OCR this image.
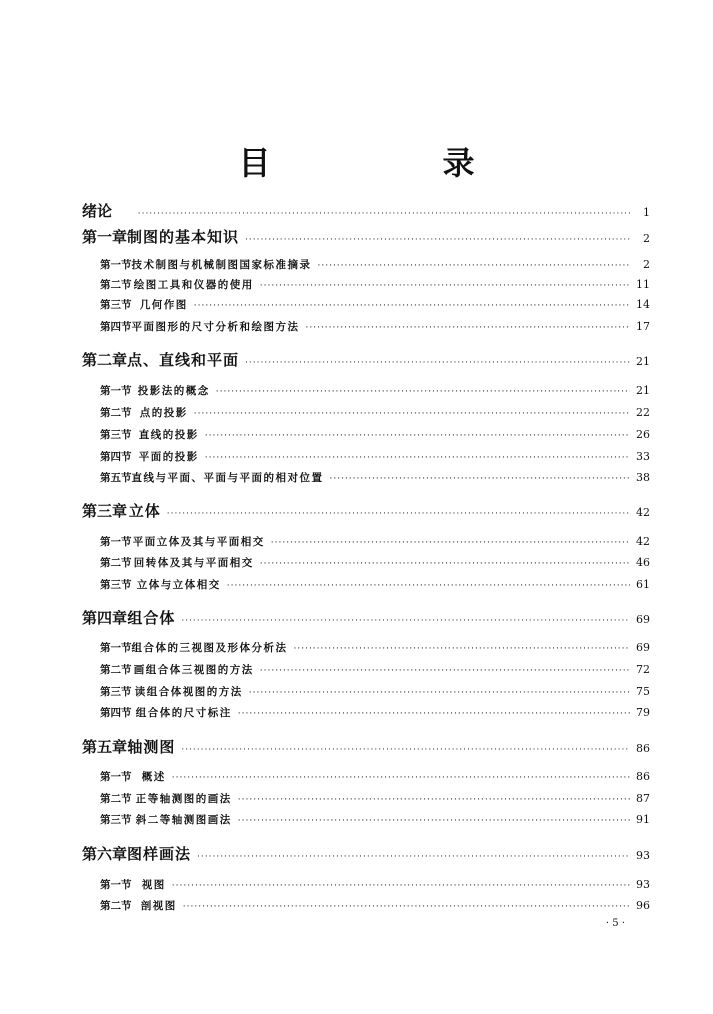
目　录
绪论 ·····	1
第一章 制图的基本知识 ·····	2
第一节 技术制图与机械制图国家标准摘录 ·····	2
第二节 绘图工具和仪器的使用 ·····	11
第三节 几何作图 ·····	14
第四节 平面图形的尺寸分析和绘图方法 ·····	17
第二章 点、直线和平面 ·····	21
第一节 投影法的概念 ·····	21
第二节 点的投影 ·····	22
第三节 直线的投影 ·····	26
第四节 平面的投影 ·····	33
第五节 直线与平面、平面与平面的相对位置 ·····	38
第三章 立体 ·····	42
第一节 平面立体及其与平面相交 ·····	42
第二节 回转体及其与平面相交 ·····	46
第三节 立体与立体相交 ·····	61
第四章 组合体 ·····	69
第一节 组合体的三视图及形体分析法 ·····	69
第二节 画组合体三视图的方法 ·····	72
第三节 读组合体视图的方法 ·····	75
第四节 组合体的尺寸标注 ·····	79
第五章 轴测图 ·····	86
第一节 概述 ·····	86
第二节 正等轴测图的画法 ·····	87
第三节 斜二等轴测图画法 ·····	91
第六章 图样画法 ·····	93
第一节 视图 ·····	93
第二节 剖视图 ·····	96
· 5 ·
